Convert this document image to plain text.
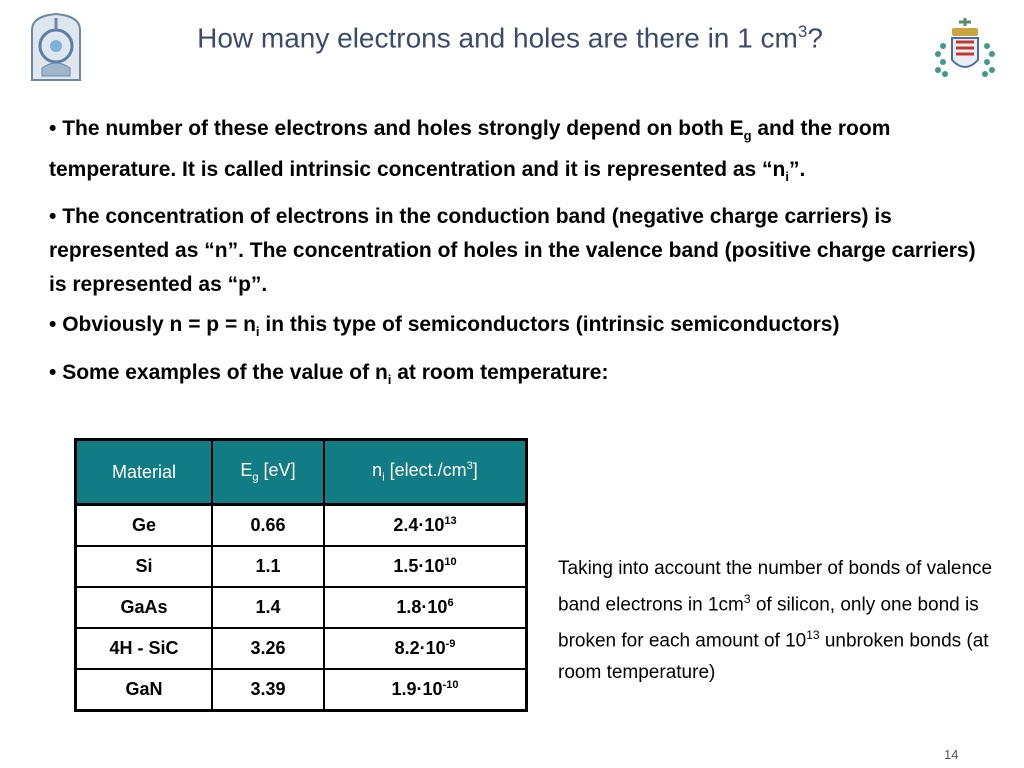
How many electrons and holes are there in 1 $cm^3$?
• The number of these electrons and holes strongly depend on both $E_g$ and the room temperature. It is called intrinsic concentration and it is represented as “$n_i$”.
• The concentration of electrons in the conduction band (negative charge carriers) is represented as “n”. The concentration of holes in the valence band (positive charge carriers) is represented as “p”.
• Obviously $n = p = n_i$ in this type of semiconductors (intrinsic semiconductors)
• Some examples of the value of $n_i$ at room temperature:
Material	$E_g$ [eV]	$n_i$ $[elect./cm^3]$
Ge	0.66	$2.4\cdot 10^{13}$
Si	1.1	$1.5\cdot 10^{10}$
GaAs	1.4	$1.8\cdot 10^6$
4H - SiC	3.26	$8.2\cdot 10^{-9}$
GaN	3.39	$1.9\cdot 10^{-10}$
Taking into account the number of bonds of valence band electrons in $1cm^3$ of silicon, only one bond is broken for each amount of $10^{13}$ unbroken bonds (at room temperature)
14
